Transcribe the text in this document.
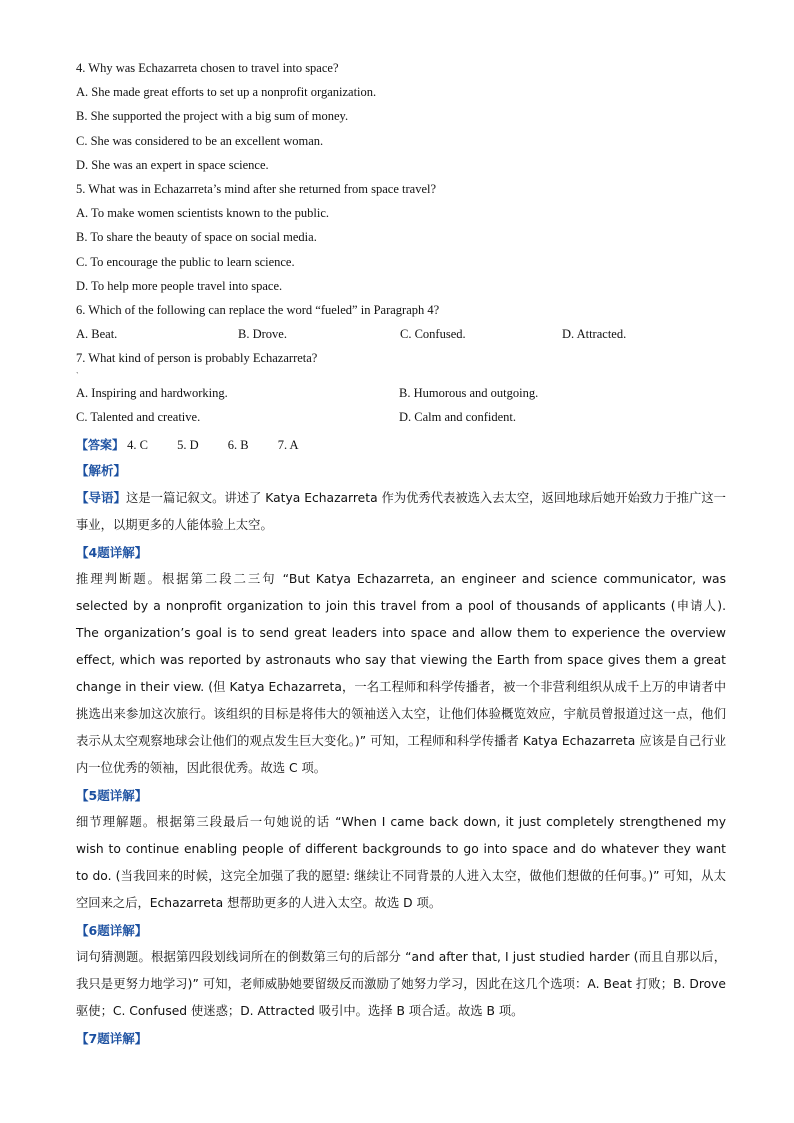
4. Why was Echazarreta chosen to travel into space?
A. She made great efforts to set up a nonprofit organization.
B. She supported the project with a big sum of money.
C. She was considered to be an excellent woman.
D. She was an expert in space science.
5. What was in Echazarreta’s mind after she returned from space travel?
A. To make women scientists known to the public.
B. To share the beauty of space on social media.
C. To encourage the public to learn science.
D. To help more people travel into space.
6. Which of the following can replace the word “fueled” in Paragraph 4?
A. Beat.	B. Drove.	C. Confused.	D. Attracted.
7. What kind of person is probably Echazarreta?
ˋ
A. Inspiring and hardworking.	B. Humorous and outgoing.
C. Talented and creative.	D. Calm and confident.
【答案】 4. C 5. D 6. B 7. A
【解析】
【导语】这是一篇记叙文。讲述了 Katya Echazarreta 作为优秀代表被选入去太空，返回地球后她开始致力于推广这一事业，以期更多的人能体验上太空。
【4题详解】
推理判断题。根据第二段二三句 “But Katya Echazarreta, an engineer and science communicator, was selected by a nonprofit organization to join this travel from a pool of thousands of applicants (申请人). The organization’s goal is to send great leaders into space and allow them to experience the overview effect, which was reported by astronauts who say that viewing the Earth from space gives them a great change in their view. (但 Katya Echazarreta，一名工程师和科学传播者，被一个非营利组织从成千上万的申请者中挑选出来参加这次旅行。该组织的目标是将伟大的领袖送入太空，让他们体验概览效应，宇航员曾报道过这一点，他们表示从太空观察地球会让他们的观点发生巨大变化。)” 可知，工程师和科学传播者 Katya Echazarreta 应该是自己行业内一位优秀的领袖，因此很优秀。故选 C 项。
【5题详解】
细节理解题。根据第三段最后一句她说的话 “When I came back down, it just completely strengthened my wish to continue enabling people of different backgrounds to go into space and do whatever they want to do. (当我回来的时候，这完全加强了我的愿望: 继续让不同背景的人进入太空，做他们想做的任何事。)” 可知，从太空回来之后，Echazarreta 想帮助更多的人进入太空。故选 D 项。
【6题详解】
词句猜测题。根据第四段划线词所在的倒数第三句的后部分 “and after that, I just studied harder (而且自那以后，我只是更努力地学习)” 可知，老师威胁她要留级反而激励了她努力学习，因此在这几个选项：A. Beat 打败；B. Drove 驱使；C. Confused 使迷惑；D. Attracted 吸引中。选择 B 项合适。故选 B 项。
【7题详解】
